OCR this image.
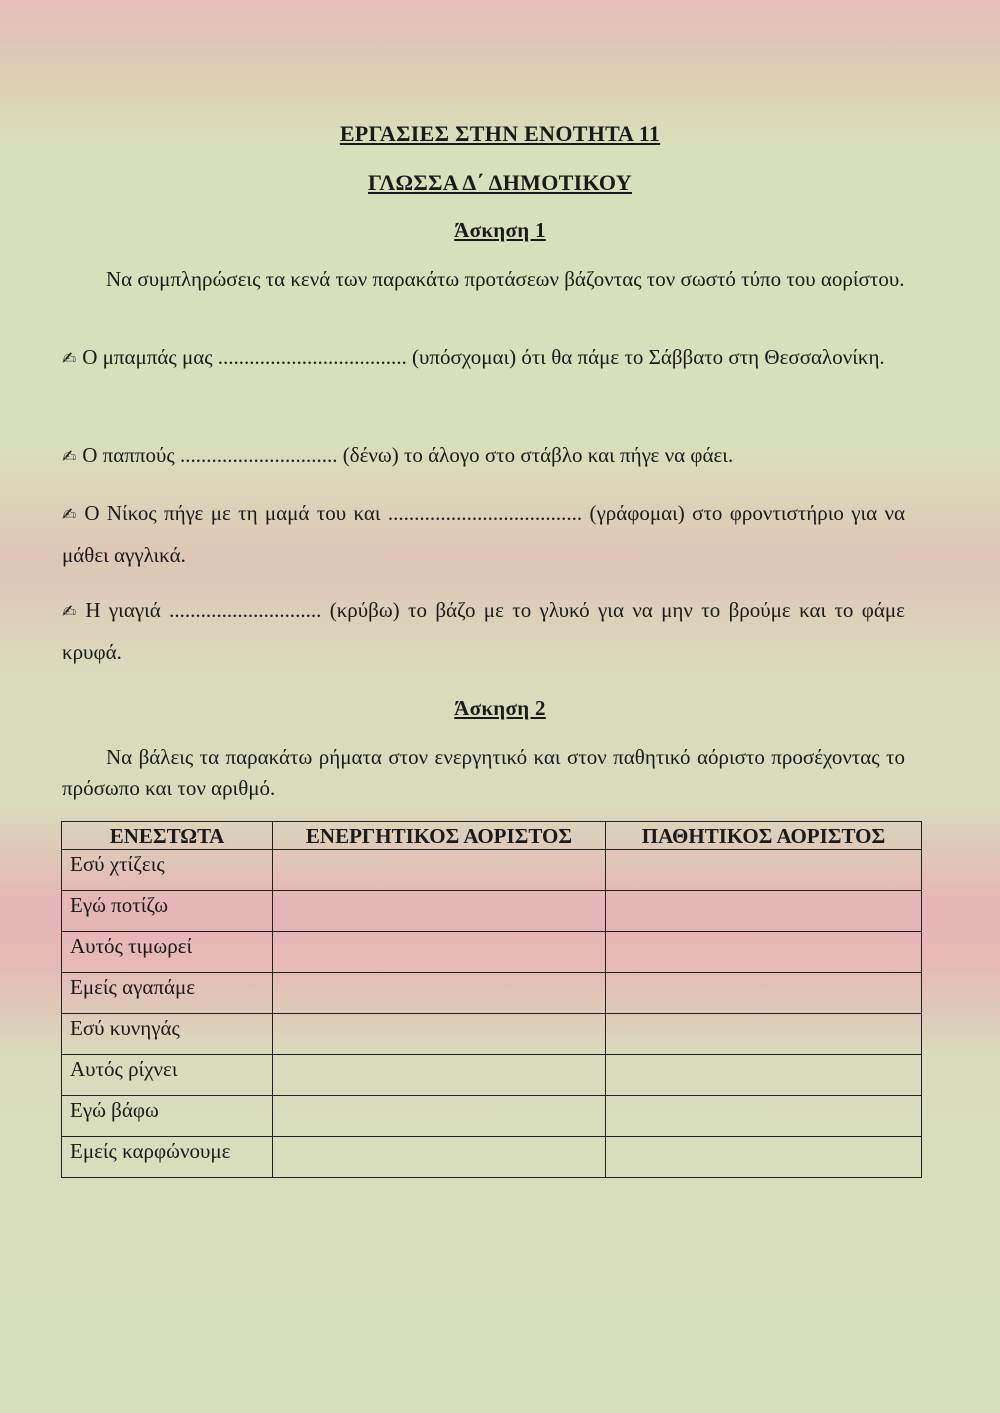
ΕΡΓΑΣΙΕΣ ΣΤΗΝ ΕΝΟΤΗΤΑ 11
ΓΛΩΣΣΑ Δ΄ ΔΗΜΟΤΙΚΟΥ
Άσκηση 1
Να συμπληρώσεις τα κενά των παρακάτω προτάσεων βάζοντας τον σωστό τύπο του αορίστου.
✍ Ο μπαμπάς μας .................................... (υπόσχομαι) ότι θα πάμε το Σάββατο στη Θεσσαλονίκη.
✍ Ο παππούς .............................. (δένω) το άλογο στο στάβλο και πήγε να φάει.
✍ Ο Νίκος πήγε με τη μαμά του και ..................................... (γράφομαι) στο φροντιστήριο για να μάθει αγγλικά.
✍ Η γιαγιά ............................. (κρύβω) το βάζο με το γλυκό για να μην το βρούμε και το φάμε κρυφά.
Άσκηση 2
Να βάλεις τα παρακάτω ρήματα στον ενεργητικό και στον παθητικό αόριστο προσέχοντας το πρόσωπο και τον αριθμό.
ΕΝΕΣΤΩΤΑ	ΕΝΕΡΓΗΤΙΚΟΣ ΑΟΡΙΣΤΟΣ	ΠΑΘΗΤΙΚΟΣ ΑΟΡΙΣΤΟΣ
Εσύ χτίζεις		
Εγώ ποτίζω		
Αυτός τιμωρεί		
Εμείς αγαπάμε		
Εσύ κυνηγάς		
Αυτός ρίχνει		
Εγώ βάφω		
Εμείς καρφώνουμε		
